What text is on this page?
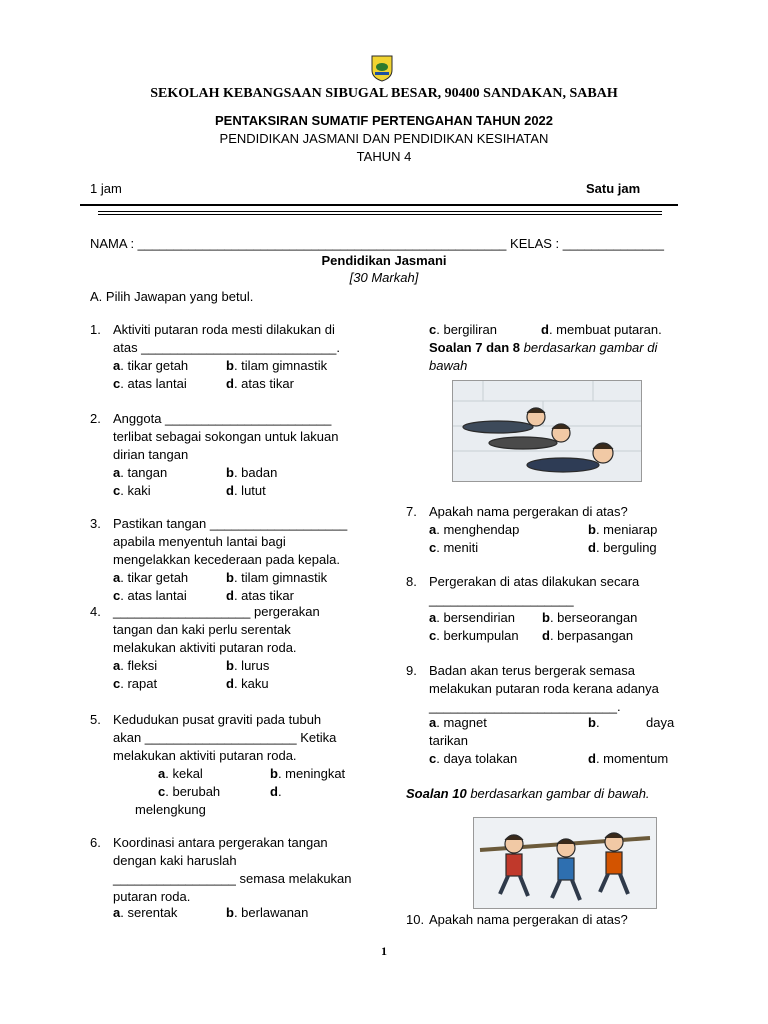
SEKOLAH KEBANGSAAN SIBUGAL BESAR, 90400 SANDAKAN, SABAH
PENTAKSIRAN SUMATIF PERTENGAHAN TAHUN 2022
PENDIDIKAN JASMANI DAN PENDIDIKAN KESIHATAN
TAHUN 4
1 jam	Satu jam
NAMA : ___________________________________________________ KELAS : ______________
Pendidikan Jasmani
[30 Markah]
A. Pilih Jawapan yang betul.
1. Aktiviti putaran roda mesti dilakukan di
atas ___________________________.
a. tikar getah	b. tilam gimnastik
c. atas lantai	d. atas tikar
2. Anggota _______________________
terlibat sebagai sokongan untuk lakuan
dirian tangan
a. tangan	b. badan
c. kaki	d. lutut
3. Pastikan tangan ___________________
apabila menyentuh lantai bagi
mengelakkan kecederaan pada kepala.
a. tikar getah	b. tilam gimnastik
c. atas lantai	d. atas tikar
4. ___________________ pergerakan
tangan dan kaki perlu serentak
melakukan aktiviti putaran roda.
a. fleksi	b. lurus
c. rapat	d. kaku
5. Kedudukan pusat graviti pada tubuh
akan _____________________ Ketika
melakukan aktiviti putaran roda.
a. kekal	b. meningkat
c. berubah	d.
melengkung
6. Koordinasi antara pergerakan tangan
dengan kaki haruslah
_________________ semasa melakukan
putaran roda.
a. serentak	b. berlawanan
c. bergiliran	d. membuat putaran.
Soalan 7 dan 8 berdasarkan gambar di
bawah
7. Apakah nama pergerakan di atas?
a. menghendap	b. meniarap
c. meniti	d. berguling
8. Pergerakan di atas dilakukan secara
____________________
a. bersendirian b. berseorangan
c. berkumpulan d. berpasangan
9. Badan akan terus bergerak semasa
melakukan putaran roda kerana adanya
__________________________.
a. magnet	b.	daya
tarikan
c. daya tolakan	d. momentum
Soalan 10 berdasarkan gambar di bawah.
10. Apakah nama pergerakan di atas?
1
